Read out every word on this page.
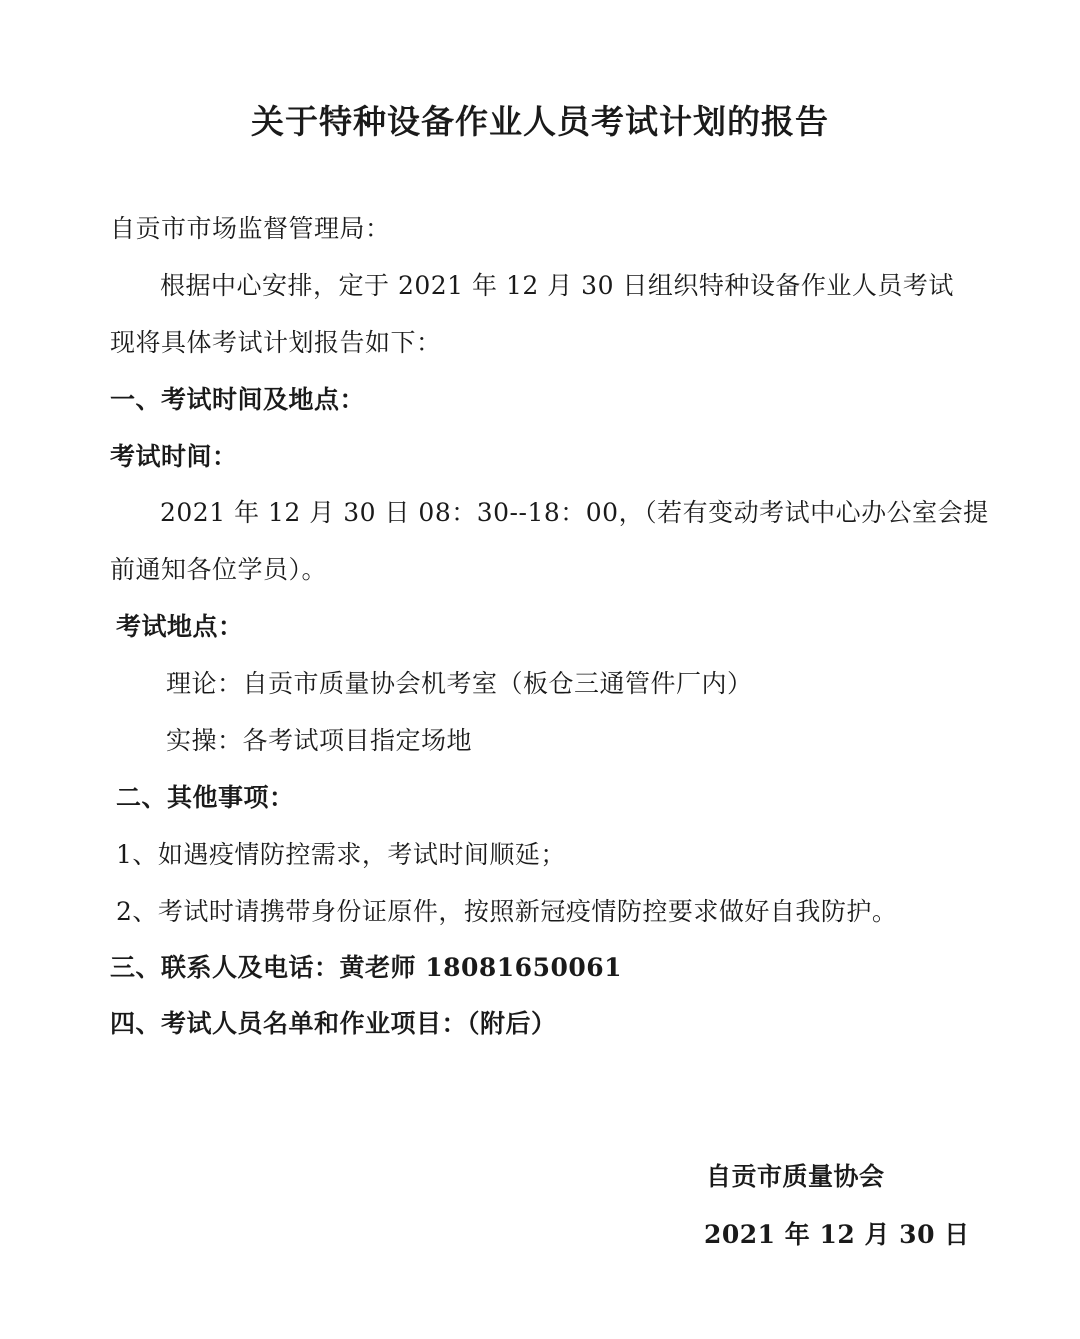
关于特种设备作业人员考试计划的报告
自贡市市场监督管理局：
根据中心安排，定于 2021 年 12 月 30 日组织特种设备作业人员考试
现将具体考试计划报告如下：
一、考试时间及地点：
考试时间：
2021 年 12 月 30 日 08：30--18：00，（若有变动考试中心办公室会提
前通知各位学员）。
考试地点：
理论：自贡市质量协会机考室（板仓三通管件厂内）
实操：各考试项目指定场地
二、其他事项：
1、如遇疫情防控需求，考试时间顺延；
2、考试时请携带身份证原件，按照新冠疫情防控要求做好自我防护。
三、联系人及电话：黄老师 18081650061
四、考试人员名单和作业项目：（附后）
自贡市质量协会
2021 年 12 月 30 日
